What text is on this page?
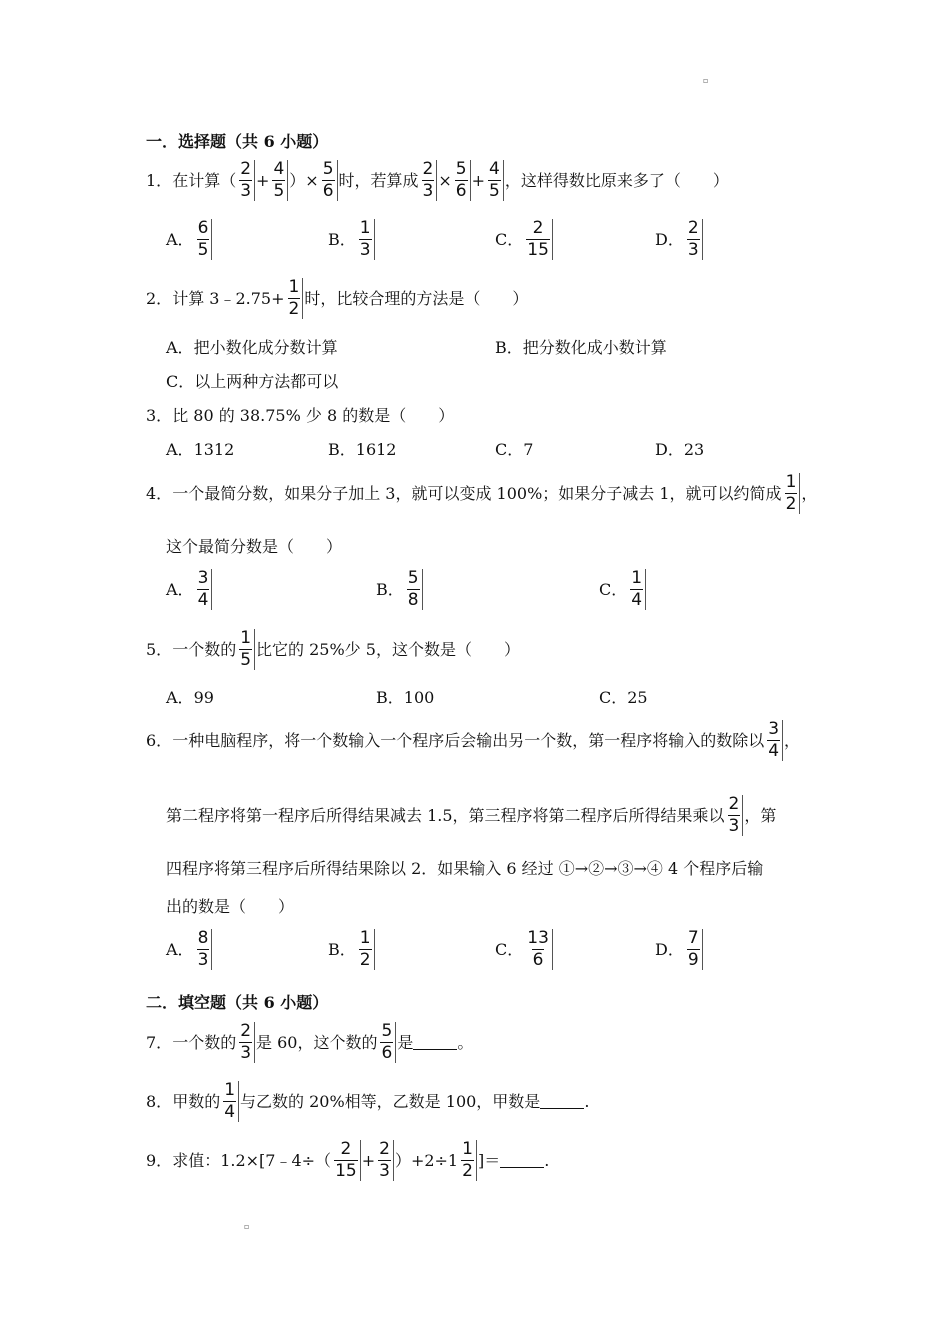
▫
一．选择题（共 6 小题）
1． 在计算（ $\frac{2}{3} + \frac{4}{5}$ ）× $\frac{5}{6}$ 时，若算成 $\frac{2}{3} \times \frac{5}{6} + \frac{4}{5}$ ，这样得数比原来多了（　　）
A． $\frac{6}{5}$	B． $\frac{1}{3}$	C． $\frac{2}{15}$	D． $\frac{2}{3}$
2． 计算 3﹣2.75+ $\frac{1}{2}$ 时，比较合理的方法是（　　）
A． 把小数化成分数计算	B． 把分数化成小数计算
C． 以上两种方法都可以
3． 比 80 的 38.75% 少 8 的数是（　　）
A． 1312	B． 1612	C． 7	D． 23
4． 一个最简分数，如果分子加上 3，就可以变成 100%；如果分子减去 1，就可以约简成 $\frac{1}{2}$ ，
这个最简分数是（　　）
A． $\frac{3}{4}$	B． $\frac{5}{8}$	C． $\frac{1}{4}$
5． 一个数的 $\frac{1}{5}$ 比它的 25%少 5，这个数是（　　）
A． 99	B． 100	C． 25
6． 一种电脑程序，将一个数输入一个程序后会输出另一个数，第一程序将输入的数除以 $\frac{3}{4}$ ，
第二程序将第一程序后所得结果减去 1.5，第三程序将第二程序后所得结果乘以 $\frac{2}{3}$ ，第
四程序将第三程序后所得结果除以 2．如果输入 6 经过 ①→②→③→④ 4 个程序后输
出的数是（　　）
A． $\frac{8}{3}$	B． $\frac{1}{2}$	C． $\frac{13}{6}$	D． $\frac{7}{9}$
二．填空题（共 6 小题）
7． 一个数的 $\frac{2}{3}$ 是 60，这个数的 $\frac{5}{6}$ 是	。
8． 甲数的 $\frac{1}{4}$ 与乙数的 20%相等，乙数是 100，甲数是	.
9． 求值：1.2×[7﹣4÷（ $\frac{2}{15} + \frac{2}{3} )+2\div 1 \frac{1}{2}$ ]＝	.
▫
